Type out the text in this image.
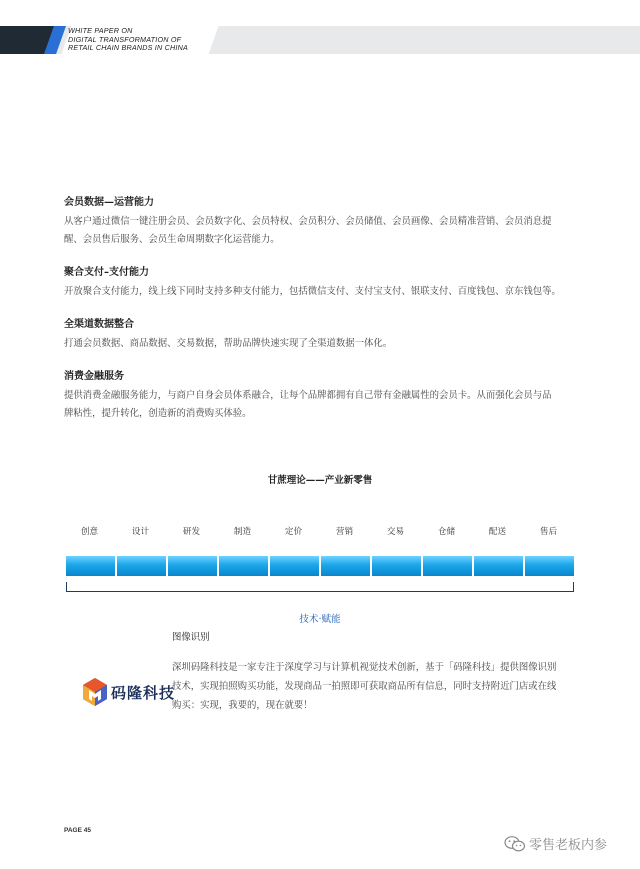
WHITE PAPER ON
DIGITAL TRANSFORMATION OF
RETAIL CHAIN BRANDS IN CHINA

会员数据—运营能力

从客户通过微信一键注册会员、会员数字化、会员特权、会员积分、会员储值、会员画像、会员精准营销、会员消息提
醒、会员售后服务、会员生命周期数字化运营能力。

聚合支付–支付能力

开放聚合支付能力，线上线下同时支持多种支付能力，包括微信支付、支付宝支付、银联支付、百度钱包、京东钱包等。

全渠道数据整合

打通会员数据、商品数据、交易数据，帮助品牌快速实现了全渠道数据一体化。

消费金融服务

提供消费金融服务能力，与商户自身会员体系融合，让每个品牌都拥有自己带有金融属性的会员卡。从而强化会员与品
牌粘性，提升转化，创造新的消费购买体验。

甘蔗理论——产业新零售
创意	设计	研发	制造	定价	营销	交易	仓储	配送	售后
技术·赋能
图像识别
码隆科技

深圳码隆科技是一家专注于深度学习与计算机视觉技术创新，基于「码隆科技」提供图像识别
技术，实现拍照购买功能，发现商品一拍照即可获取商品所有信息，同时支持附近门店或在线
购买：实现，我要的，现在就要！

PAGE 45
零售老板内参
